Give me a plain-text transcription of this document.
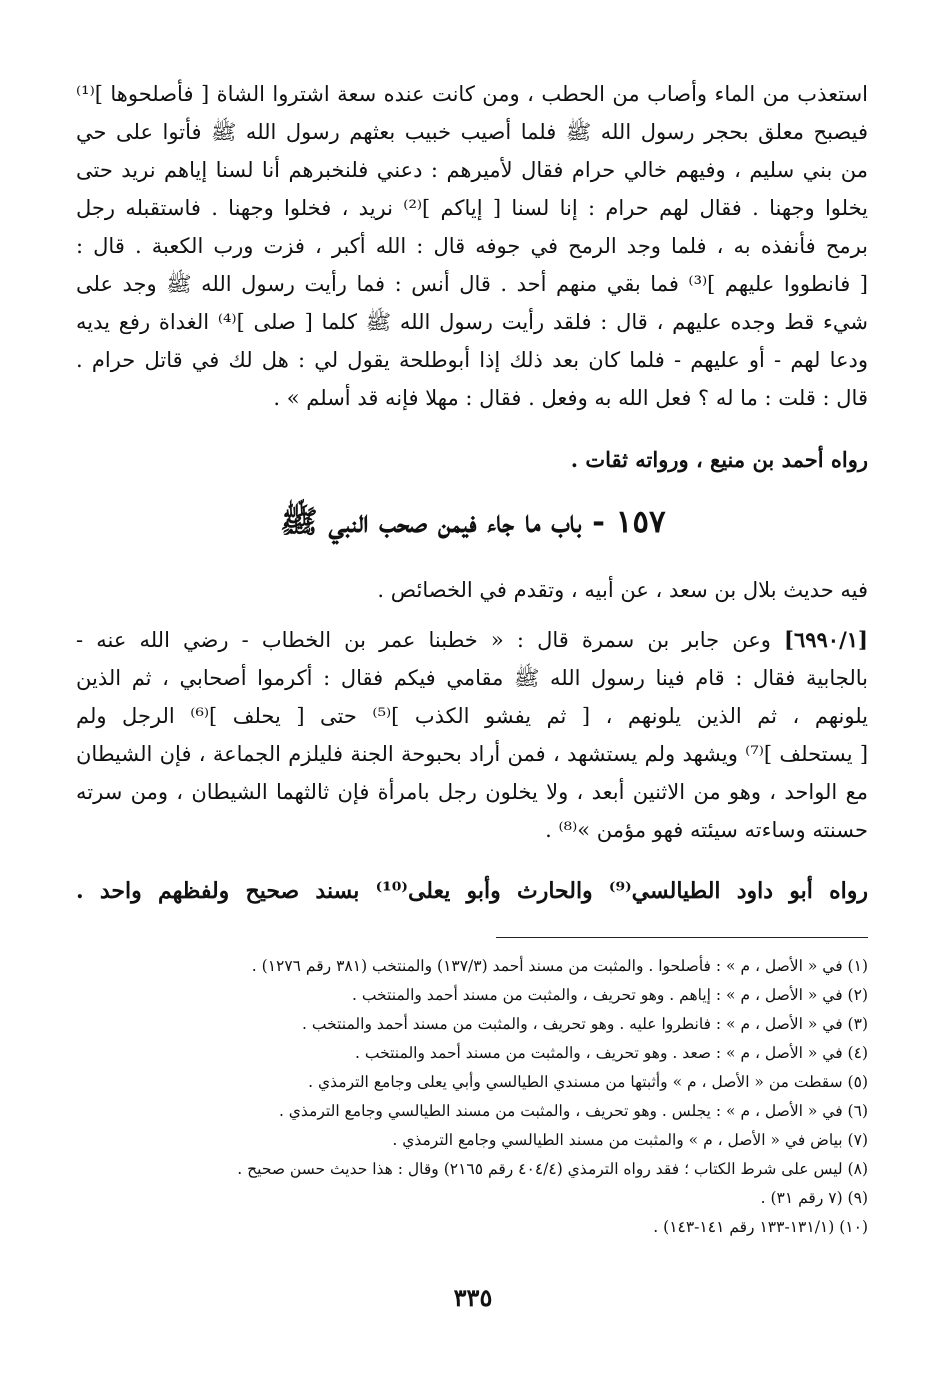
استعذب من الماء وأصاب من الحطب ، ومن كانت عنده سعة اشتروا الشاة [ فأصلحوها ]⁽¹⁾
فيصبح معلق بحجر رسول الله ﷺ فلما أصيب خبيب بعثهم رسول الله ﷺ فأتوا على حي
من بني سليم ، وفيهم خالي حرام فقال لأميرهم : دعني فلنخبرهم أنا لسنا إياهم نريد حتى
يخلوا وجهنا . فقال لهم حرام : إنا لسنا [ إياكم ]⁽²⁾ نريد ، فخلوا وجهنا . فاستقبله رجل
برمح فأنفذه به ، فلما وجد الرمح في جوفه قال : الله أكبر ، فزت ورب الكعبة . قال :
[ فانطووا عليهم ]⁽³⁾ فما بقي منهم أحد . قال أنس : فما رأيت رسول الله ﷺ وجد على
شيء قط وجده عليهم ، قال : فلقد رأيت رسول الله ﷺ كلما [ صلى ]⁽⁴⁾ الغداة رفع يديه
ودعا لهم - أو عليهم - فلما كان بعد ذلك إذا أبوطلحة يقول لي : هل لك في قاتل حرام .
قال : قلت : ما له ؟ فعل الله به وفعل . فقال : مهلا فإنه قد أسلم » .
رواه أحمد بن منيع ، ورواته ثقات .
١٥٧ - باب ما جاء فيمن صحب النبي ﷺ
فيه حديث بلال بن سعد ، عن أبيه ، وتقدم في الخصائص .
[٦٩٩٠/١] وعن جابر بن سمرة قال : « خطبنا عمر بن الخطاب - رضي الله عنه -
بالجابية فقال : قام فينا رسول الله ﷺ مقامي فيكم فقال : أكرموا أصحابي ، ثم الذين
يلونهم ، ثم الذين يلونهم ، [ ثم يفشو الكذب ]⁽⁵⁾ حتى [ يحلف ]⁽⁶⁾ الرجل ولم
[ يستحلف ]⁽⁷⁾ ويشهد ولم يستشهد ، فمن أراد بحبوحة الجنة فليلزم الجماعة ، فإن الشيطان
مع الواحد ، وهو من الاثنين أبعد ، ولا يخلون رجل بامرأة فإن ثالثهما الشيطان ، ومن سرته
حسنته وساءته سيئته فهو مؤمن »⁽⁸⁾ .
رواه أبو داود الطيالسي⁽⁹⁾ والحارث وأبو يعلى⁽¹⁰⁾ بسند صحيح ولفظهم واحد .
(١) في « الأصل ، م » : فأصلحوا . والمثبت من مسند أحمد (١٣٧/٣) والمنتخب (٣٨١ رقم ١٢٧٦) .
(٢) في « الأصل ، م » : إياهم . وهو تحريف ، والمثبت من مسند أحمد والمنتخب .
(٣) في « الأصل ، م » : فانطروا عليه . وهو تحريف ، والمثبت من مسند أحمد والمنتخب .
(٤) في « الأصل ، م » : صعد . وهو تحريف ، والمثبت من مسند أحمد والمنتخب .
(٥) سقطت من « الأصل ، م » وأثبتها من مسندي الطيالسي وأبي يعلى وجامع الترمذي .
(٦) في « الأصل ، م » : يجلس . وهو تحريف ، والمثبت من مسند الطيالسي وجامع الترمذي .
(٧) بياض في « الأصل ، م » والمثبت من مسند الطيالسي وجامع الترمذي .
(٨) ليس على شرط الكتاب ؛ فقد رواه الترمذي (٤٠٤/٤ رقم ٢١٦٥) وقال : هذا حديث حسن صحيح .
(٩) (٧ رقم ٣١) .
(١٠) (١٣١/١-١٣٣ رقم ١٤١-١٤٣) .
٣٣٥
